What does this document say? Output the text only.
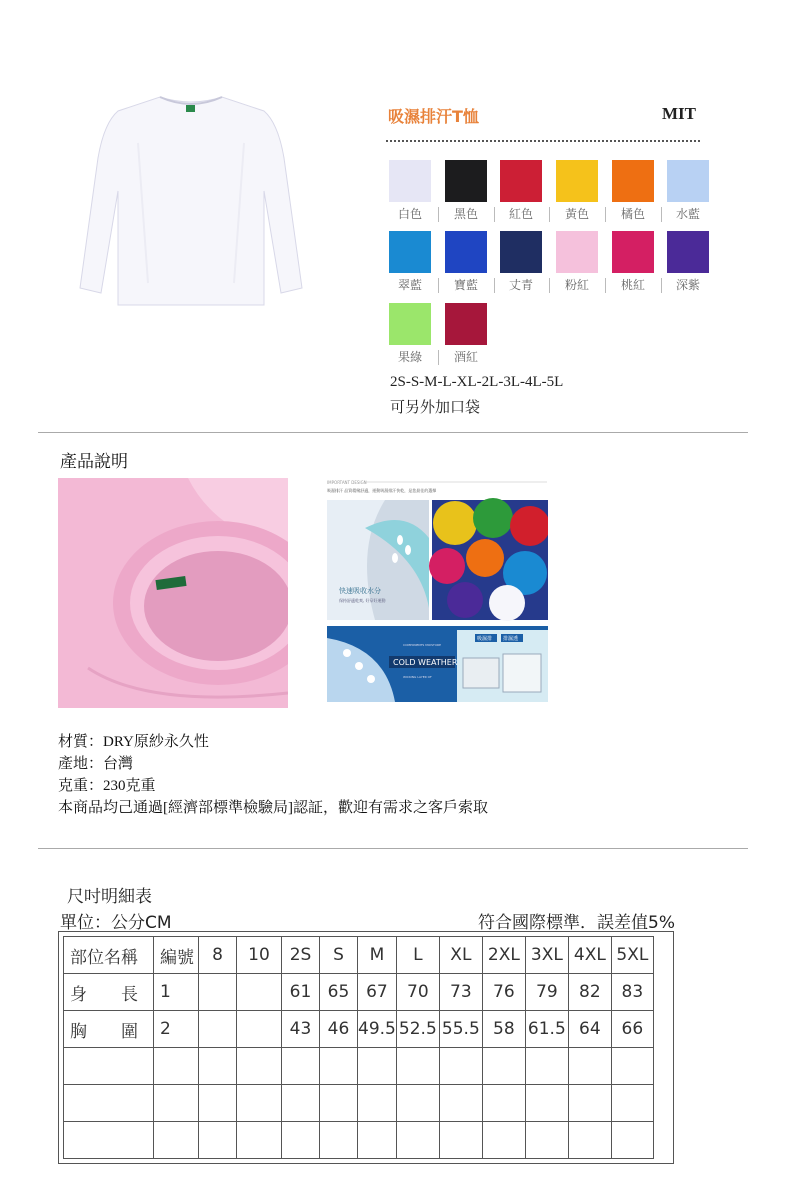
吸濕排汗T恤	MIT
白色	黑色	紅色	黃色	橘色	水藍
翠藍	寶藍	丈青	粉紅	桃紅	深紫
果綠	酒紅
2S-S-M-L-XL-2L-3L-4L-5L
可另外加口袋
產品說明
IMPORTANT DESIGN
吸濕排汗 品質精緻舒適，運動吸濕排汗快乾，是您最佳的選擇
快速吸收水分
保持舒適乾爽, 好穿好運動
COLD WEATHER
COMPONENTS MOISTURE
WICKING LAYER OF
吸濕排 排濕透
材質：DRY原紗永久性
產地：台灣
克重：230克重
本商品均己通過[經濟部標準檢驗局]認証，歡迎有需求之客戶索取
尺吋明細表
單位：公分CM	符合國際標準．誤差值5%
部位名稱	編號	8	10	2S	S	M	L	XL	2XL	3XL	4XL	5XL
身　　長	1			61	65	67	70	73	76	79	82	83
胸　　圍	2			43	46	49.5	52.5	55.5	58	61.5	64	66
